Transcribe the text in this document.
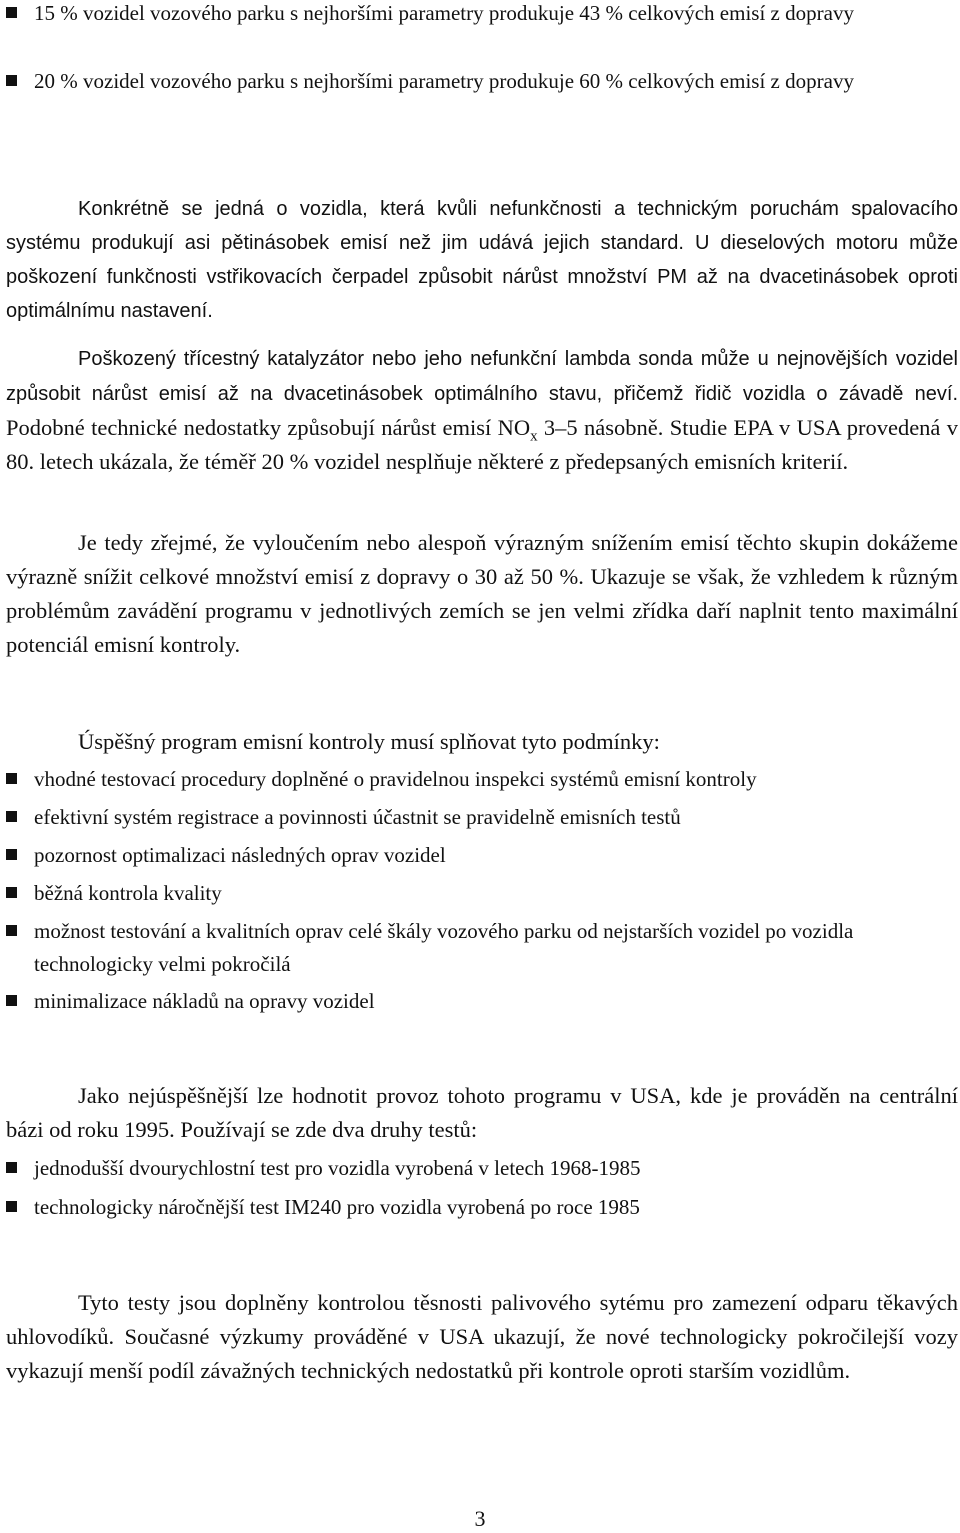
15 % vozidel vozového parku s nejhoršími parametry produkuje 43 % celkových emisí z dopravy
20 % vozidel vozového parku s nejhoršími parametry produkuje 60 % celkových emisí z dopravy
Konkrétně se jedná o vozidla, která kvůli nefunkčnosti a technickým poruchám spalovacího systému produkují asi pětinásobek emisí než jim udává jejich standard. U dieselových motoru může poškození funkčnosti vstřikovacích čerpadel způsobit nárůst množství PM až na dvacetinásobek oproti optimálnímu nastavení.
Poškozený třícestný katalyzátor nebo jeho nefunkční lambda sonda může u nejnovějších vozidel způsobit nárůst emisí až na dvacetinásobek optimálního stavu, přičemž řidič vozidla o závadě neví. Podobné technické nedostatky způsobují nárůst emisí $NO_x$ 3–5 násobně. Studie EPA v USA provedená v 80. letech ukázala, že téměř 20 % vozidel nesplňuje některé z předepsaných emisních kriterií.
Je tedy zřejmé, že vyloučením nebo alespoň výrazným snížením emisí těchto skupin dokážeme výrazně snížit celkové množství emisí z dopravy o 30 až 50 %. Ukazuje se však, že vzhledem k různým problémům zavádění programu v jednotlivých zemích se jen velmi zřídka daří naplnit tento maximální potenciál emisní kontroly.
Úspěšný program emisní kontroly musí splňovat tyto podmínky:
vhodné testovací procedury doplněné o pravidelnou inspekci systémů emisní kontroly
efektivní systém registrace a povinnosti účastnit se pravidelně emisních testů
pozornost optimalizaci následných oprav vozidel
běžná kontrola kvality
možnost testování a kvalitních oprav celé škály vozového parku od nejstarších vozidel po vozidla technologicky velmi pokročilá
minimalizace nákladů na opravy vozidel
Jako nejúspěšnější lze hodnotit provoz tohoto programu v USA, kde je prováděn na centrální bázi od roku 1995. Používají se zde dva druhy testů:
jednodušší dvourychlostní test pro vozidla vyrobená v letech 1968-1985
technologicky náročnější test IM240 pro vozidla vyrobená po roce 1985
Tyto testy jsou doplněny kontrolou těsnosti palivového sytému pro zamezení odparu těkavých uhlovodíků. Současné výzkumy prováděné v USA ukazují, že nové technologicky pokročilejší vozy vykazují menší podíl závažných technických nedostatků při kontrole oproti starším vozidlům.
3
